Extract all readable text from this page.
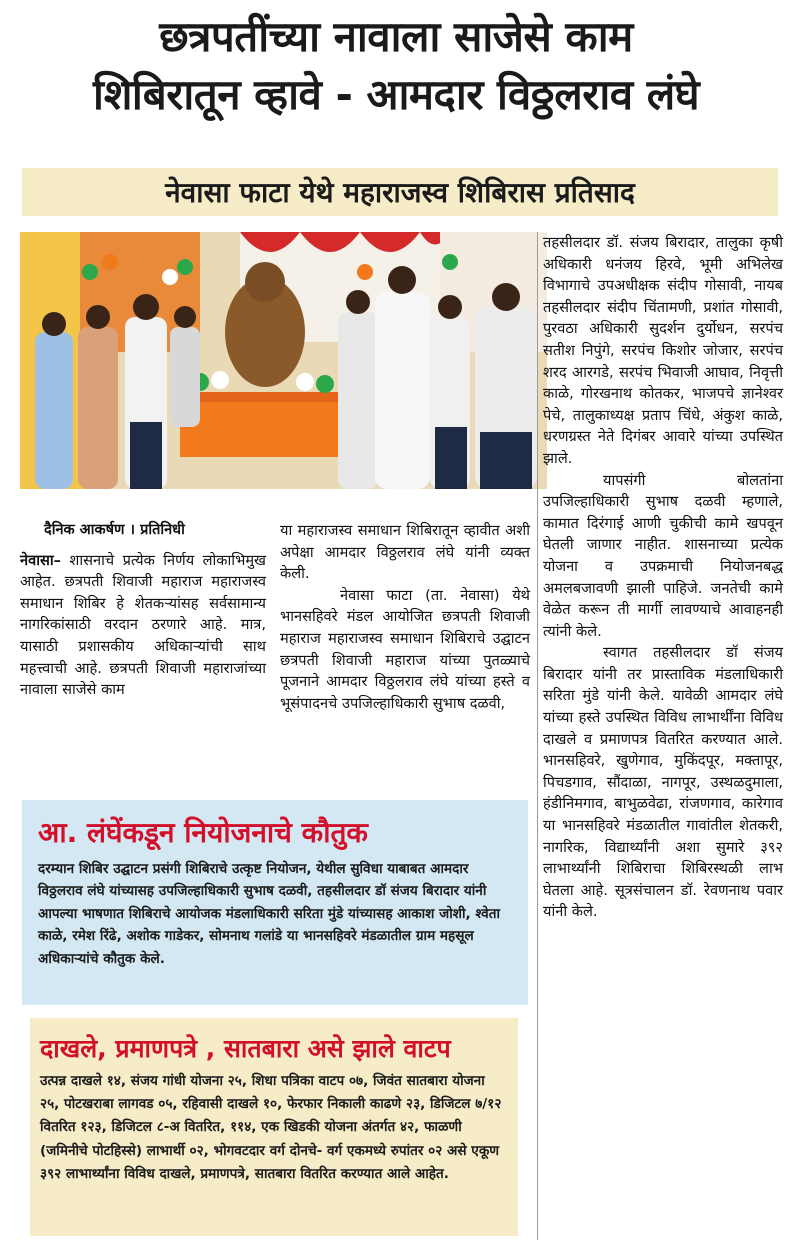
छत्रपतींच्या नावाला साजेसे काम
शिबिरातून व्हावे - आमदार विठ्ठलराव लंघे
नेवासा फाटा येथे महाराजस्व शिबिरास प्रतिसाद

दैनिक आकर्षण । प्रतिनिधी

नेवासा– शासनाचे प्रत्येक निर्णय लोकाभिमुख आहेत. छत्रपती शिवाजी महाराज महाराजस्व समाधान शिबिर हे शेतकऱ्यांसह सर्वसामान्य नागरिकांसाठी वरदान ठरणारे आहे. मात्र, यासाठी प्रशासकीय अधिकाऱ्यांची साथ महत्त्वाची आहे. छत्रपती शिवाजी महाराजांच्या नावाला साजेसे काम

या महाराजस्व समाधान शिबिरातून व्हावीत अशी अपेक्षा आमदार विठ्ठलराव लंघे यांनी व्यक्त केली.

नेवासा फाटा (ता. नेवासा) येथे भानसहिवरे मंडल आयोजित छत्रपती शिवाजी महाराज महाराजस्व समाधान शिबिराचे उद्घाटन छत्रपती शिवाजी महाराज यांच्या पुतळ्याचे पूजनाने आमदार विठ्ठलराव लंघे यांच्या हस्ते व भूसंपादनचे उपजिल्हाधिकारी सुभाष दळवी,

तहसीलदार डॉ. संजय बिरादार, तालुका कृषी अधिकारी धनंजय हिरवे, भूमी अभिलेख विभागाचे उपअधीक्षक संदीप गोसावी, नायब तहसीलदार संदीप चिंतामणी, प्रशांत गोसावी, पुरवठा अधिकारी सुदर्शन दुर्योधन, सरपंच सतीश निपुंगे, सरपंच किशोर जोजार, सरपंच शरद आरगडे, सरपंच भिवाजी आघाव, निवृत्ती काळे, गोरखनाथ कोतकर, भाजपचे ज्ञानेश्वर पेचे, तालुकाध्यक्ष प्रताप चिंधे, अंकुश काळे, धरणग्रस्त नेते दिगंबर आवारे यांच्या उपस्थित झाले.

यापसंगी बोलतांना उपजिल्हाधिकारी सुभाष दळवी म्हणाले, कामात दिरंगाई आणी चुकीची कामे खपवून घेतली जाणार नाहीत. शासनाच्या प्रत्येक योजना व उपक्रमाची नियोजनबद्ध अमलबजावणी झाली पाहिजे. जनतेची कामे वेळेत करून ती मार्गी लावण्याचे आवाहनही त्यांनी केले.

स्वागत तहसीलदार डॉ संजय बिरादार यांनी तर प्रास्ताविक मंडलाधिकारी सरिता मुंडे यांनी केले. यावेळी आमदार लंघे यांच्या हस्ते उपस्थित विविध लाभार्थींना विविध दाखले व प्रमाणपत्र वितरित करण्यात आले. भानसहिवरे, खुणेगाव, मुकिंदपूर, मक्तापूर, पिचडगाव, सौंदाळा, नागपूर, उस्थळदुमाला, हंडीनिमगाव, बाभुळवेढा, रांजणगाव, कारेगाव या भानसहिवरे मंडळातील गावांतील शेतकरी, नागरिक, विद्यार्थ्यांनी अशा सुमारे ३९२ लाभार्थ्यांनी शिबिराचा शिबिरस्थळी लाभ घेतला आहे. सूत्रसंचालन डॉ. रेवणनाथ पवार यांनी केले.

आ. लंघेंकडून नियोजनाचे कौतुक

दरम्यान शिबिर उद्घाटन प्रसंगी शिबिराचे उत्कृष्ट नियोजन, येथील सुविधा याबाबत आमदार विठ्ठलराव लंघे यांच्यासह उपजिल्हाधिकारी सुभाष दळवी, तहसीलदार डॉ संजय बिरादार यांनी आपल्या भाषणात शिबिराचे आयोजक मंडलाधिकारी सरिता मुंडे यांच्यासह आकाश जोशी, श्वेता काळे, रमेश रिंढे, अशोक गाडेकर, सोमनाथ गलांडे या भानसहिवरे मंडळातील ग्राम महसूल अधिकाऱ्यांचे कौतुक केले.

दाखले, प्रमाणपत्रे , सातबारा असे झाले वाटप

उत्पन्न दाखले १४, संजय गांधी योजना २५, शिधा पत्रिका वाटप ०७, जिवंत सातबारा योजना २५, पोटखराबा लागवड ०५, रहिवासी दाखले १०, फेरफार निकाली काढणे २३, डिजिटल ७/१२ वितरित १२३, डिजिटल ८-अ वितरित, ११४, एक खिडकी योजना अंतर्गत ४२, फाळणी (जमिनीचे पोटहिस्से) लाभार्थी ०२, भोगवटदार वर्ग दोनचे- वर्ग एकमध्ये रुपांतर ०२ असे एकूण ३९२ लाभार्थ्यांना विविध दाखले, प्रमाणपत्रे, सातबारा वितरित करण्यात आले आहेत.
